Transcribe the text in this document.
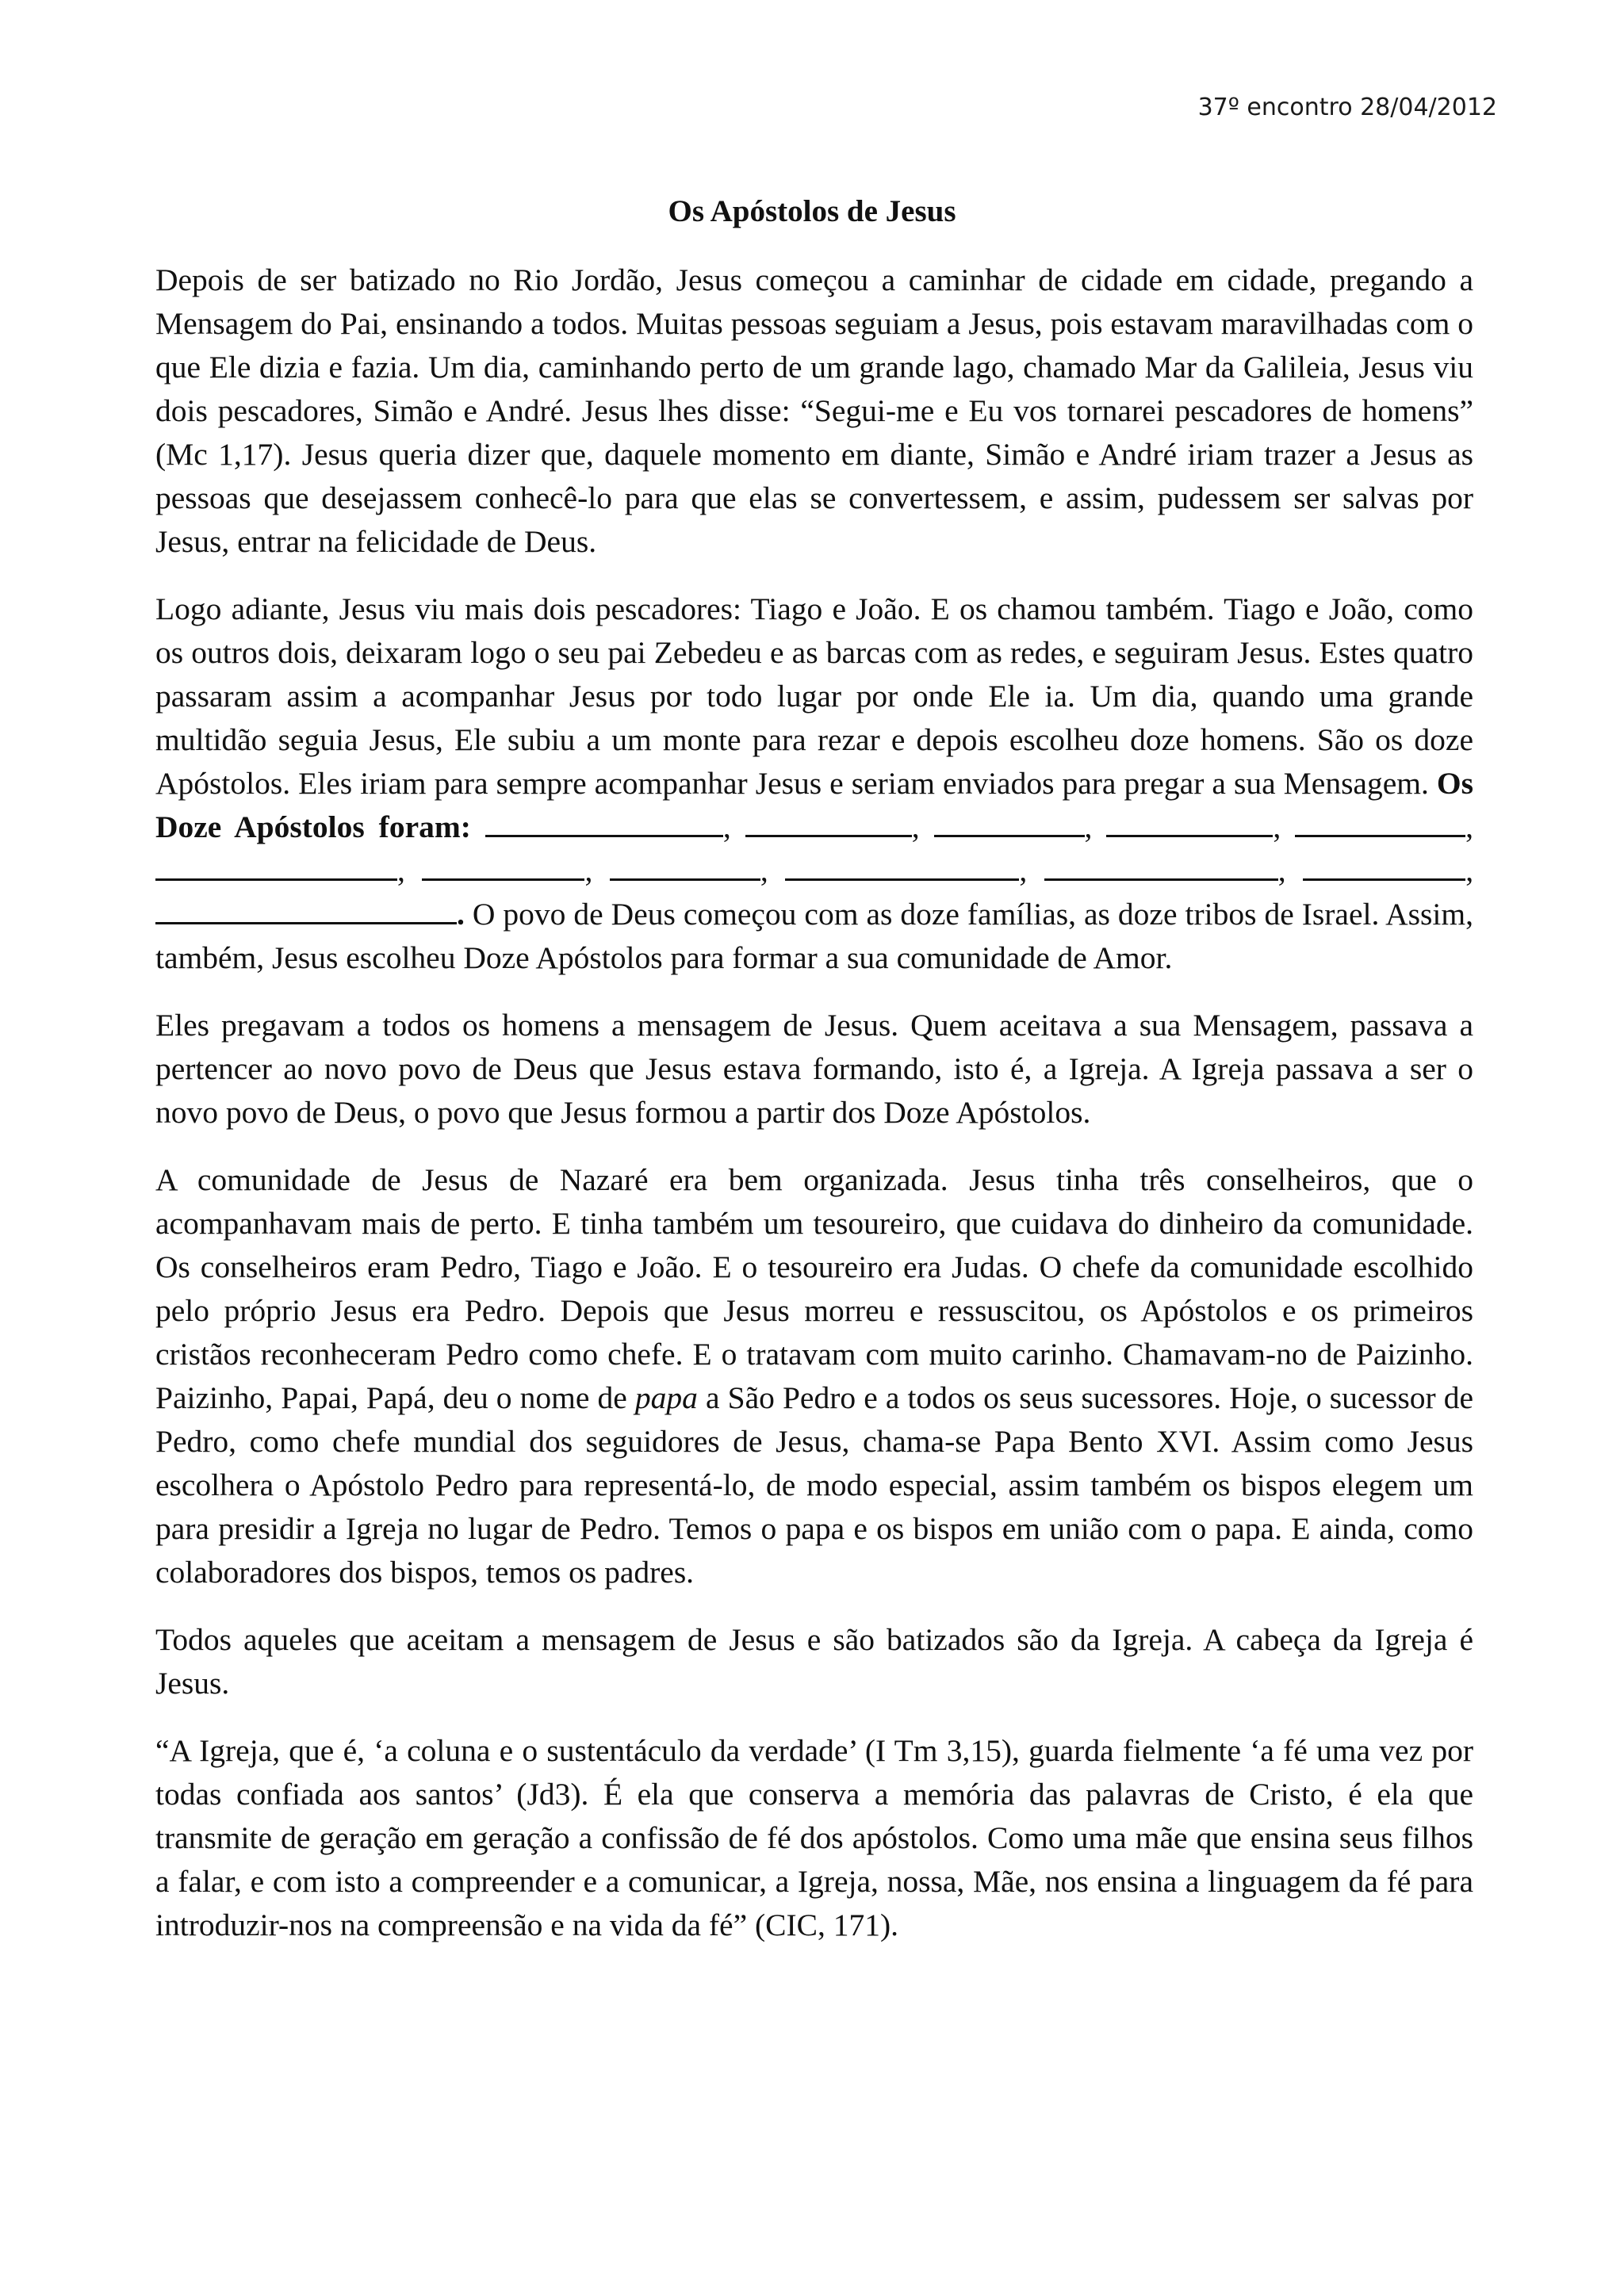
37º encontro 28/04/2012
Os Apóstolos de Jesus

Depois de ser batizado no Rio Jordão, Jesus começou a caminhar de cidade em cidade, pregando a Mensagem do Pai, ensinando a todos. Muitas pessoas seguiam a Jesus, pois estavam maravilhadas com o que Ele dizia e fazia. Um dia, caminhando perto de um grande lago, chamado Mar da Galileia, Jesus viu dois pescadores, Simão e André. Jesus lhes disse: “Segui-me e Eu vos tornarei pescadores de homens” (Mc 1,17). Jesus queria dizer que, daquele momento em diante, Simão e André iriam trazer a Jesus as pessoas que desejassem conhecê-lo para que elas se convertessem, e assim, pudessem ser salvas por Jesus, entrar na felicidade de Deus.

Logo adiante, Jesus viu mais dois pescadores: Tiago e João. E os chamou também. Tiago e João, como os outros dois, deixaram logo o seu pai Zebedeu e as barcas com as redes, e seguiram Jesus. Estes quatro passaram assim a acompanhar Jesus por todo lugar por onde Ele ia. Um dia, quando uma grande multidão seguia Jesus, Ele subiu a um monte para rezar e depois escolheu doze homens. São os doze Apóstolos. Eles iriam para sempre acompanhar Jesus e seriam enviados para pregar a sua Mensagem. Os Doze Apóstolos foram:	,	,	,	,	, ,	,	,	,	,	, . O povo de Deus começou com as doze famílias, as doze tribos de Israel. Assim, também, Jesus escolheu Doze Apóstolos para formar a sua comunidade de Amor.

Eles pregavam a todos os homens a mensagem de Jesus. Quem aceitava a sua Mensagem, passava a pertencer ao novo povo de Deus que Jesus estava formando, isto é, a Igreja. A Igreja passava a ser o novo povo de Deus, o povo que Jesus formou a partir dos Doze Apóstolos.

A comunidade de Jesus de Nazaré era bem organizada. Jesus tinha três conselheiros, que o acompanhavam mais de perto. E tinha também um tesoureiro, que cuidava do dinheiro da comunidade. Os conselheiros eram Pedro, Tiago e João. E o tesoureiro era Judas. O chefe da comunidade escolhido pelo próprio Jesus era Pedro. Depois que Jesus morreu e ressuscitou, os Apóstolos e os primeiros cristãos reconheceram Pedro como chefe. E o tratavam com muito carinho. Chamavam-no de Paizinho. Paizinho, Papai, Papá, deu o nome de papa a São Pedro e a todos os seus sucessores. Hoje, o sucessor de Pedro, como chefe mundial dos seguidores de Jesus, chama-se Papa Bento XVI. Assim como Jesus escolhera o Apóstolo Pedro para representá-lo, de modo especial, assim também os bispos elegem um para presidir a Igreja no lugar de Pedro. Temos o papa e os bispos em união com o papa. E ainda, como colaboradores dos bispos, temos os padres.

Todos aqueles que aceitam a mensagem de Jesus e são batizados são da Igreja. A cabeça da Igreja é Jesus.

“A Igreja, que é, ‘a coluna e o sustentáculo da verdade’ (I Tm 3,15), guarda fielmente ‘a fé uma vez por todas confiada aos santos’ (Jd3). É ela que conserva a memória das palavras de Cristo, é ela que transmite de geração em geração a confissão de fé dos apóstolos. Como uma mãe que ensina seus filhos a falar, e com isto a compreender e a comunicar, a Igreja, nossa, Mãe, nos ensina a linguagem da fé para introduzir-nos na compreensão e na vida da fé” (CIC, 171).
